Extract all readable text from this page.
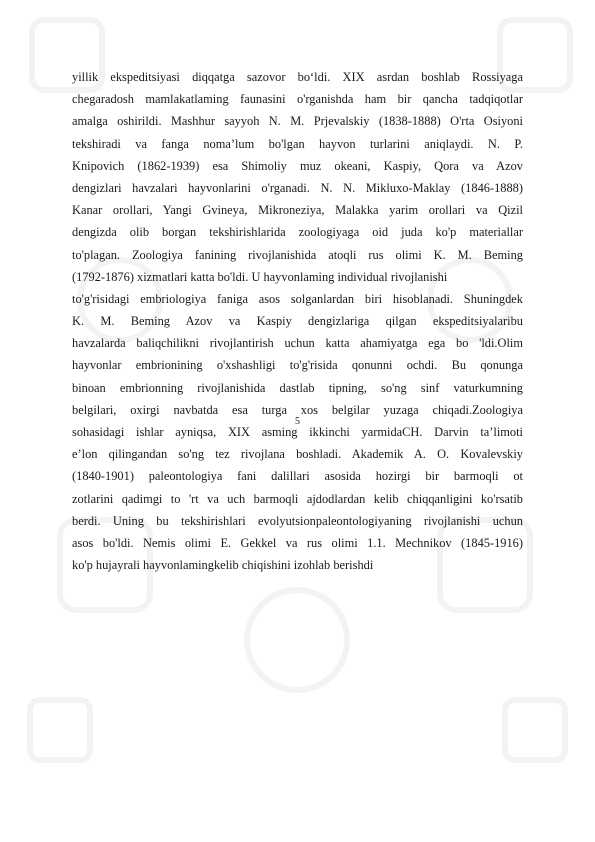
yillik ekspeditsiyasi diqqatga sazovor bo‘ldi. XIX asrdan boshlab Rossiyaga
chegaradosh mamlakatlaming faunasini o'rganishda ham bir qancha tadqiqotlar
amalga oshirildi. Mashhur sayyoh N. M. Prjevalskiy (1838-1888) O'rta Osiyoni
tekshiradi va fanga noma’lum bo'lgan hayvon turlarini aniqlaydi. N. P.
Knipovich (1862-1939) esa Shimoliy muz okeani, Kaspiy, Qora va Azov
dengizlari havzalari hayvonlarini o'rganadi. N. N. Mikluxo-Maklay (1846-1888)
Kanar orollari, Yangi Gvineya, Mikroneziya, Malakka yarim orollari va Qizil
dengizda olib borgan tekshirishlarida zoologiyaga oid juda ko'p materiallar
to'plagan. Zoologiya fanining rivojlanishida atoqli rus olimi K. M. Beming
(1792-1876) xizmatlari katta bo'ldi. U hayvonlaming individual rivojlanishi
to'g'risidagi embriologiya faniga asos solganlardan biri hisoblanadi. Shuningdek
K. M. Beming Azov va Kaspiy dengizlariga qilgan ekspeditsiyalaribu
havzalarda baliqchilikni rivojlantirish uchun katta ahamiyatga ega bo 'ldi.Olim
hayvonlar embrionining o'xshashligi to'g'risida qonunni ochdi. Bu qonunga
binoan embrionning rivojlanishida dastlab tipning, so'ng sinf vaturkumning
belgilari, oxirgi navbatda esa turga xos belgilar yuzaga chiqadi.Zoologiya
sohasidagi ishlar ayniqsa, XIX asming ikkinchi yarmidaCH. Darvin ta’limoti
e’lon qilingandan so'ng tez rivojlana boshladi. Akademik A. O. Kovalevskiy
(1840-1901) paleontologiya fani dalillari asosida hozirgi bir barmoqli ot
zotlarini qadimgi to 'rt va uch barmoqli ajdodlardan kelib chiqqanligini ko'rsatib
berdi. Uning bu tekshirishlari evolyutsionpaleontologiyaning rivojlanishi uchun
asos bo'ldi. Nemis olimi E. Gekkel va rus olimi 1.1. Mechnikov (1845-1916)
ko'p hujayrali hayvonlamingkelib chiqishini izohlab berishdi
5
